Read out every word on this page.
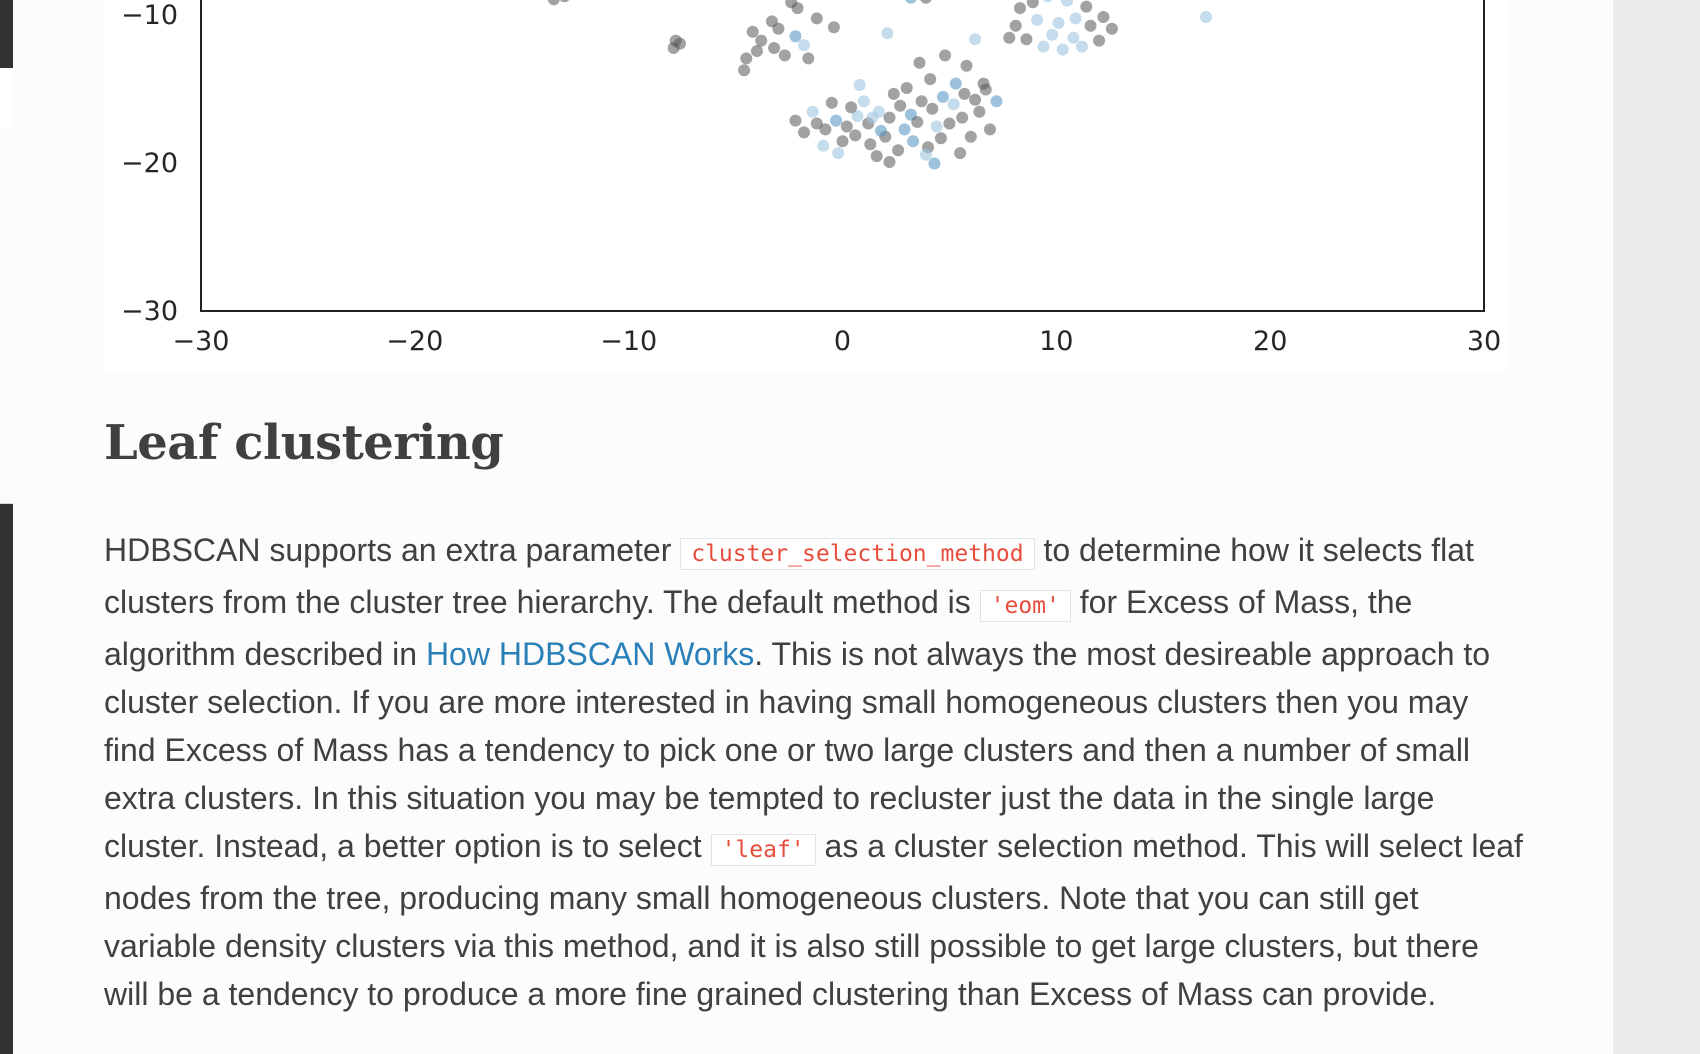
−30	−20	−10	0	10	20	30
−10
−20
−30
Leaf clustering

HDBSCAN supports an extra parameter cluster_selection_method to determine how it selects flat clusters from the cluster tree hierarchy. The default method is 'eom' for Excess of Mass, the algorithm described in How HDBSCAN Works. This is not always the most desireable approach to cluster selection. If you are more interested in having small homogeneous clusters then you may find Excess of Mass has a tendency to pick one or two large clusters and then a number of small extra clusters. In this situation you may be tempted to recluster just the data in the single large cluster. Instead, a better option is to select 'leaf' as a cluster selection method. This will select leaf nodes from the tree, producing many small homogeneous clusters. Note that you can still get variable density clusters via this method, and it is also still possible to get large clusters, but there will be a tendency to produce a more fine grained clustering than Excess of Mass can provide.
